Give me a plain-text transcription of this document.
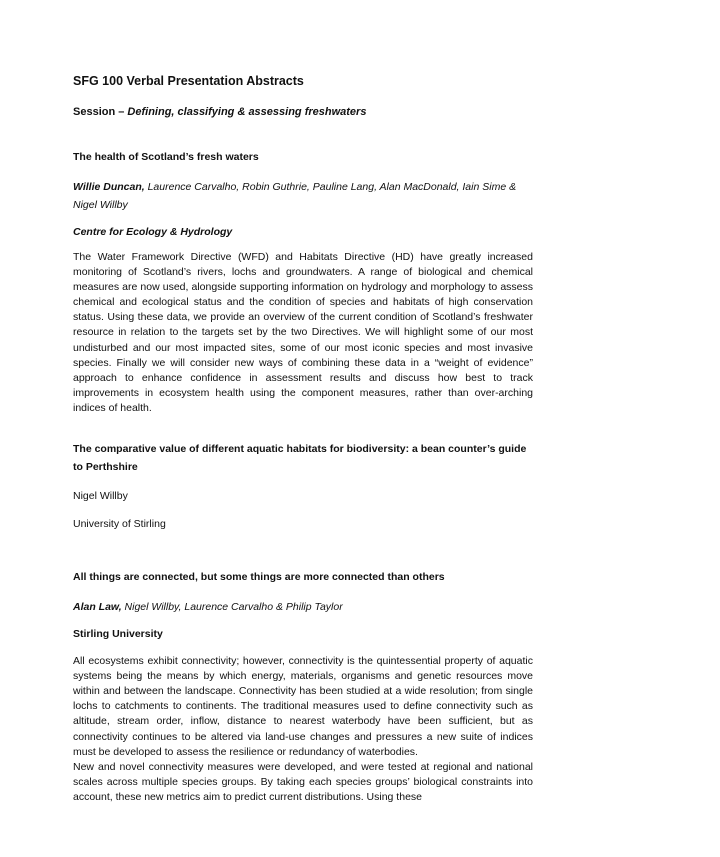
SFG 100 Verbal Presentation Abstracts
Session – Defining, classifying & assessing freshwaters
The health of Scotland’s fresh waters
Willie Duncan, Laurence Carvalho, Robin Guthrie, Pauline Lang, Alan MacDonald, Iain Sime & Nigel Willby
Centre for Ecology & Hydrology
The Water Framework Directive (WFD) and Habitats Directive (HD) have greatly increased monitoring of Scotland’s rivers, lochs and groundwaters. A range of biological and chemical measures are now used, alongside supporting information on hydrology and morphology to assess chemical and ecological status and the condition of species and habitats of high conservation status. Using these data, we provide an overview of the current condition of Scotland’s freshwater resource in relation to the targets set by the two Directives. We will highlight some of our most undisturbed and our most impacted sites, some of our most iconic species and most invasive species. Finally we will consider new ways of combining these data in a “weight of evidence” approach to enhance confidence in assessment results and discuss how best to track improvements in ecosystem health using the component measures, rather than over-arching indices of health.
The comparative value of different aquatic habitats for biodiversity: a bean counter’s guide to Perthshire
Nigel Willby
University of Stirling
All things are connected, but some things are more connected than others
Alan Law, Nigel Willby, Laurence Carvalho & Philip Taylor
Stirling University
All ecosystems exhibit connectivity; however, connectivity is the quintessential property of aquatic systems being the means by which energy, materials, organisms and genetic resources move within and between the landscape. Connectivity has been studied at a wide resolution; from single lochs to catchments to continents. The traditional measures used to define connectivity such as altitude, stream order, inflow, distance to nearest waterbody have been sufficient, but as connectivity continues to be altered via land-use changes and pressures a new suite of indices must be developed to assess the resilience or redundancy of waterbodies.
New and novel connectivity measures were developed, and were tested at regional and national scales across multiple species groups. By taking each species groups’ biological constraints into account, these new metrics aim to predict current distributions. Using these
